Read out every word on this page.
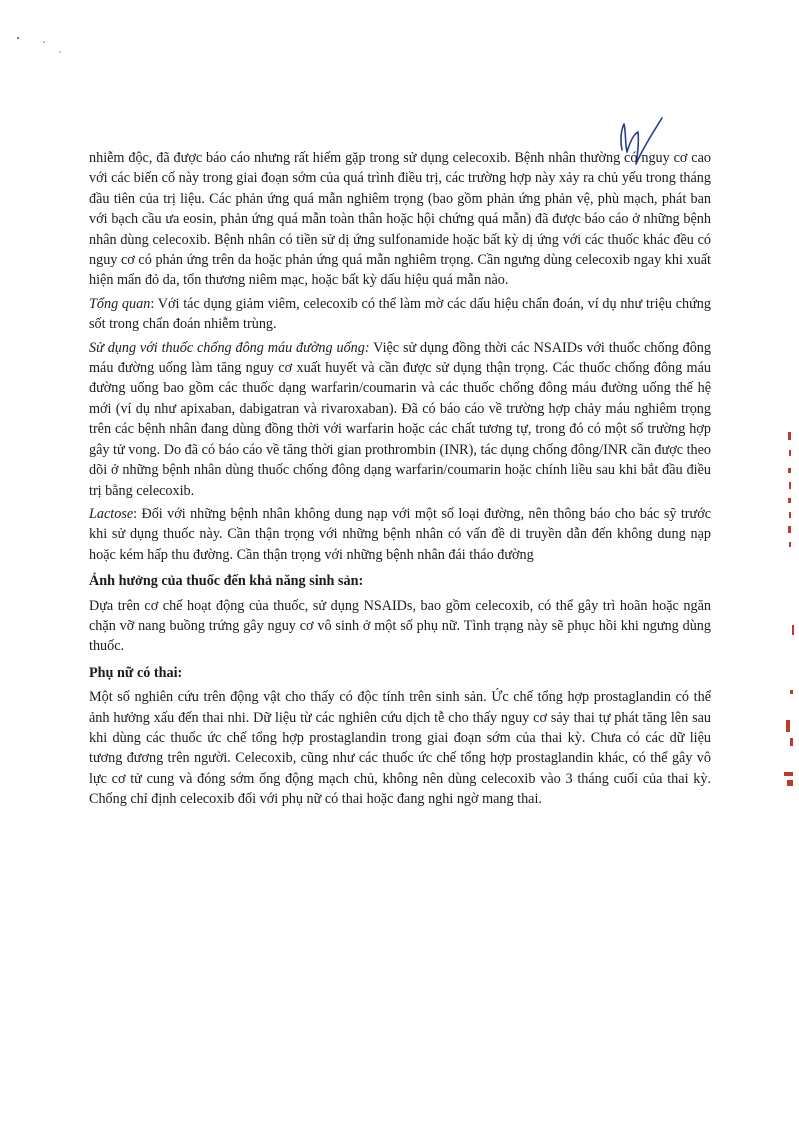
nhiễm độc, đã được báo cáo nhưng rất hiếm gặp trong sử dụng celecoxib. Bệnh nhân thường có nguy cơ cao với các biến cố này trong giai đoạn sớm của quá trình điều trị, các trường hợp này xảy ra chủ yếu trong tháng đầu tiên của trị liệu. Các phản ứng quá mẫn nghiêm trọng (bao gồm phản ứng phản vệ, phù mạch, phát ban với bạch cầu ưa eosin, phản ứng quá mẫn toàn thân hoặc hội chứng quá mẫn) đã được báo cáo ở những bệnh nhân dùng celecoxib. Bệnh nhân có tiền sử dị ứng sulfonamide hoặc bất kỳ dị ứng với các thuốc khác đều có nguy cơ có phản ứng trên da hoặc phản ứng quá mẫn nghiêm trọng. Cần ngưng dùng celecoxib ngay khi xuất hiện mẩn đỏ da, tổn thương niêm mạc, hoặc bất kỳ dấu hiệu quá mẫn nào.

Tổng quan: Với tác dụng giảm viêm, celecoxib có thể làm mờ các dấu hiệu chẩn đoán, ví dụ như triệu chứng sốt trong chẩn đoán nhiễm trùng.

Sử dụng với thuốc chống đông máu đường uống: Việc sử dụng đồng thời các NSAIDs với thuốc chống đông máu đường uống làm tăng nguy cơ xuất huyết và cần được sử dụng thận trọng. Các thuốc chống đông máu đường uống bao gồm các thuốc dạng warfarin/coumarin và các thuốc chống đông máu đường uống thế hệ mới (ví dụ như apixaban, dabigatran và rivaroxaban). Đã có báo cáo về trường hợp chảy máu nghiêm trọng trên các bệnh nhân đang dùng đồng thời với warfarin hoặc các chất tương tự, trong đó có một số trường hợp gây tử vong. Do đã có báo cáo về tăng thời gian prothrombin (INR), tác dụng chống đông/INR cần được theo dõi ở những bệnh nhân dùng thuốc chống đông dạng warfarin/coumarin hoặc chính liều sau khi bắt đầu điều trị bằng celecoxib.

Lactose: Đối với những bệnh nhân không dung nạp với một số loại đường, nên thông báo cho bác sỹ trước khi sử dụng thuốc này. Cần thận trọng với những bệnh nhân có vấn đề di truyền dẫn đến không dung nạp hoặc kém hấp thu đường. Cần thận trọng với những bệnh nhân đái tháo đường

Ảnh hưởng của thuốc đến khả năng sinh sản:

Dựa trên cơ chế hoạt động của thuốc, sử dụng NSAIDs, bao gồm celecoxib, có thể gây trì hoãn hoặc ngăn chặn vỡ nang buồng trứng gây nguy cơ vô sinh ở một số phụ nữ. Tình trạng này sẽ phục hồi khi ngưng dùng thuốc.

Phụ nữ có thai:

Một số nghiên cứu trên động vật cho thấy có độc tính trên sinh sản. Ức chế tổng hợp prostaglandin có thể ảnh hưởng xấu đến thai nhi. Dữ liệu từ các nghiên cứu dịch tễ cho thấy nguy cơ sảy thai tự phát tăng lên sau khi dùng các thuốc ức chế tổng hợp prostaglandin trong giai đoạn sớm của thai kỳ. Chưa có các dữ liệu tương đương trên người. Celecoxib, cũng như các thuốc ức chế tổng hợp prostaglandin khác, có thể gây vô lực cơ tử cung và đóng sớm ống động mạch chủ, không nên dùng celecoxib vào 3 tháng cuối của thai kỳ. Chống chỉ định celecoxib đối với phụ nữ có thai hoặc đang nghi ngờ mang thai.
